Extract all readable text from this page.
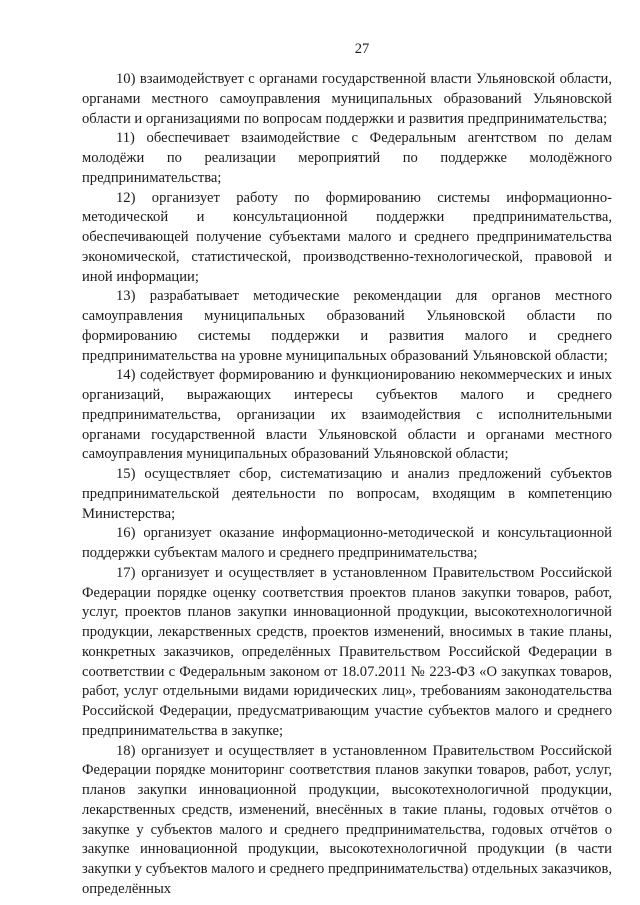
27

10) взаимодействует с органами государственной власти Ульяновской области, органами местного самоуправления муниципальных образований Ульяновской области и организациями по вопросам поддержки и развития предпринимательства;

11) обеспечивает взаимодействие с Федеральным агентством по делам молодёжи по реализации мероприятий по поддержке молодёжного предпринимательства;

12) организует работу по формированию системы информационно-методической и консультационной поддержки предпринимательства, обеспечивающей получение субъектами малого и среднего предпринимательства экономической, статистической, производственно-технологической, правовой и иной информации;

13) разрабатывает методические рекомендации для органов местного самоуправления муниципальных образований Ульяновской области по формированию системы поддержки и развития малого и среднего предпринимательства на уровне муниципальных образований Ульяновской области;

14) содействует формированию и функционированию некоммерческих и иных организаций, выражающих интересы субъектов малого и среднего предпринимательства, организации их взаимодействия с исполнительными органами государственной власти Ульяновской области и органами местного самоуправления муниципальных образований Ульяновской области;

15) осуществляет сбор, систематизацию и анализ предложений субъектов предпринимательской деятельности по вопросам, входящим в компетенцию Министерства;

16) организует оказание информационно-методической и консультационной поддержки субъектам малого и среднего предпринимательства;

17) организует и осуществляет в установленном Правительством Российской Федерации порядке оценку соответствия проектов планов закупки товаров, работ, услуг, проектов планов закупки инновационной продукции, высокотехнологичной продукции, лекарственных средств, проектов изменений, вносимых в такие планы, конкретных заказчиков, определённых Правительством Российской Федерации в соответствии с Федеральным законом от 18.07.2011 № 223-ФЗ «О закупках товаров, работ, услуг отдельными видами юридических лиц», требованиям законодательства Российской Федерации, предусматривающим участие субъектов малого и среднего предпринимательства в закупке;

18) организует и осуществляет в установленном Правительством Российской Федерации порядке мониторинг соответствия планов закупки товаров, работ, услуг, планов закупки инновационной продукции, высокотехнологичной продукции, лекарственных средств, изменений, внесённых в такие планы, годовых отчётов о закупке у субъектов малого и среднего предпринимательства, годовых отчётов о закупке инновационной продукции, высокотехнологичной продукции (в части закупки у субъектов малого и среднего предпринимательства) отдельных заказчиков, определённых
